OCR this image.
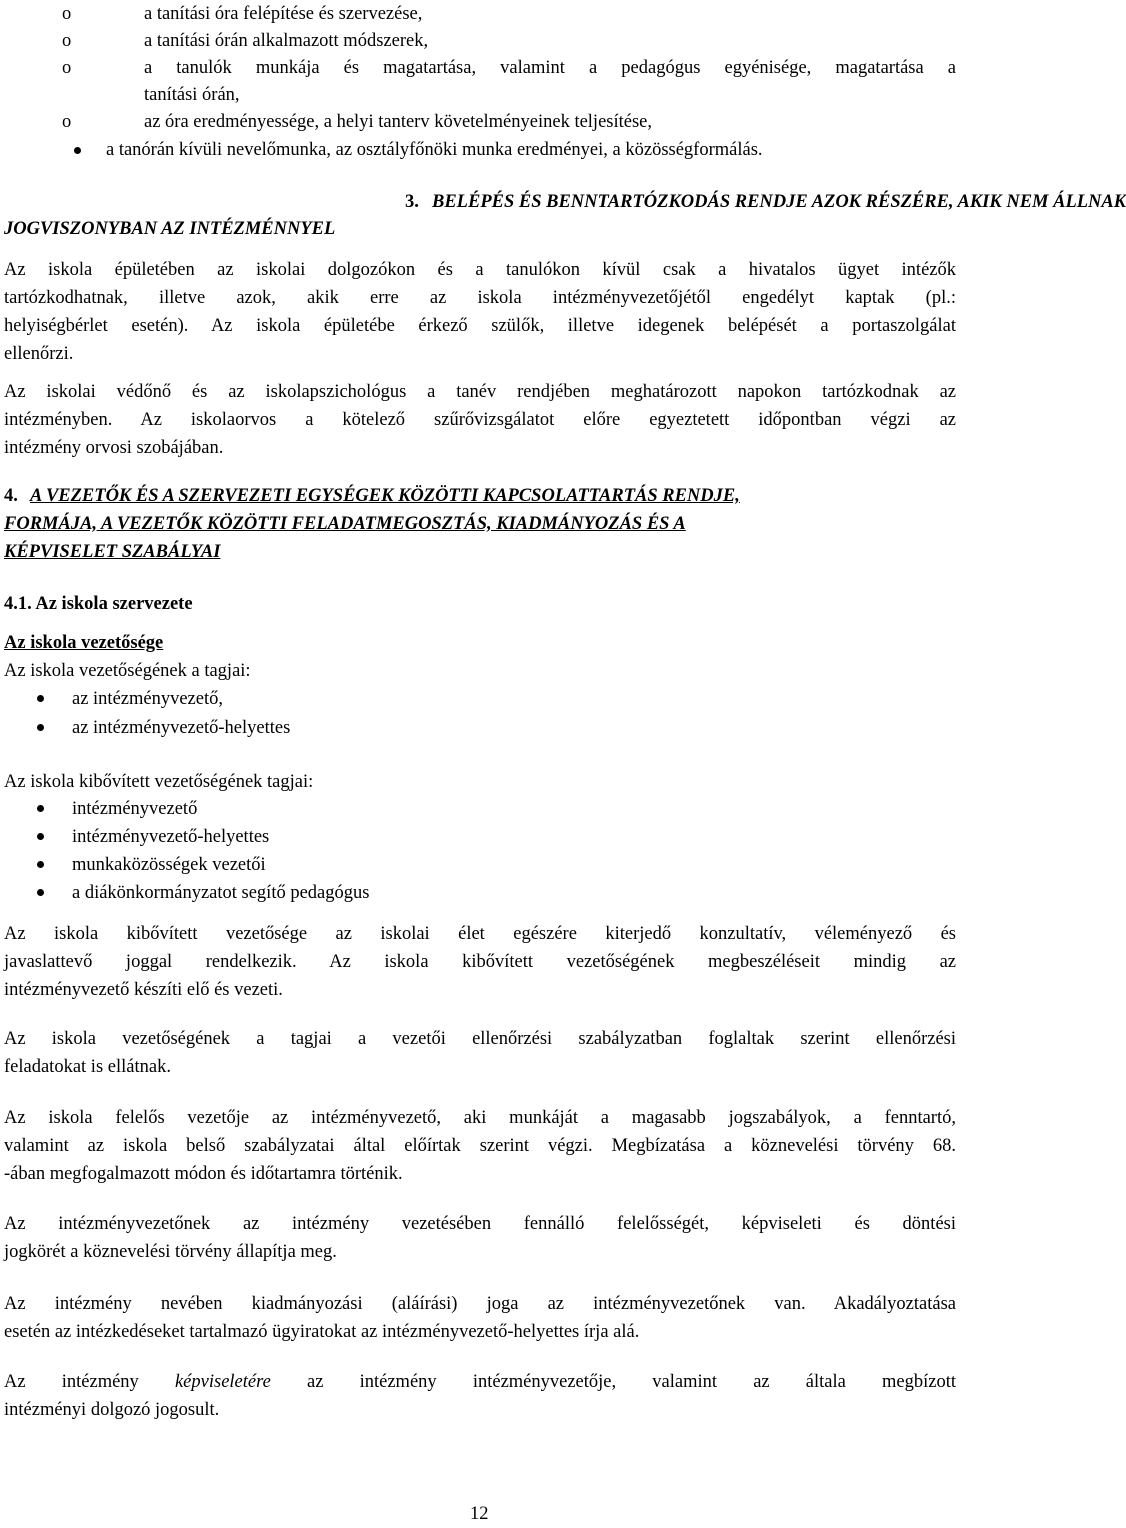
o	a tanítási óra felépítése és szervezése,
o	a tanítási órán alkalmazott módszerek,
o	a tanulók munkája és magatartása, valamint a pedagógus egyénisége, magatartása a
tanítási órán,
o	az óra eredményessége, a helyi tanterv követelményeinek teljesítése,
a tanórán kívüli nevelőmunka, az osztályfőnöki munka eredményei, a közösségformálás.
3. BELÉPÉS ÉS BENNTARTÓZKODÁS RENDJE AZOK RÉSZÉRE, AKIK NEM ÁLLNAK
JOGVISZONYBAN AZ INTÉZMÉNNYEL
Az iskola épületében az iskolai dolgozókon és a tanulókon kívül csak a hivatalos ügyet intézők
tartózkodhatnak, illetve azok, akik erre az iskola intézményvezetőjétől engedélyt kaptak (pl.:
helyiségbérlet esetén). Az iskola épületébe érkező szülők, illetve idegenek belépését a portaszolgálat
ellenőrzi.
Az iskolai védőnő és az iskolapszichológus a tanév rendjében meghatározott napokon tartózkodnak az
intézményben. Az iskolaorvos a kötelező szűrővizsgálatot előre egyeztetett időpontban végzi az
intézmény orvosi szobájában.
4. A VEZETŐK ÉS A SZERVEZETI EGYSÉGEK KÖZÖTTI KAPCSOLATTARTÁS RENDJE,
FORMÁJA, A VEZETŐK KÖZÖTTI FELADATMEGOSZTÁS, KIADMÁNYOZÁS ÉS A
KÉPVISELET SZABÁLYAI
4.1. Az iskola szervezete
Az iskola vezetősége
Az iskola vezetőségének a tagjai:
az intézményvezető,
az intézményvezető-helyettes
Az iskola kibővített vezetőségének tagjai:
intézményvezető
intézményvezető-helyettes
munkaközösségek vezetői
a diákönkormányzatot segítő pedagógus
Az iskola kibővített vezetősége az iskolai élet egészére kiterjedő konzultatív, véleményező és
javaslattevő joggal rendelkezik. Az iskola kibővített vezetőségének megbeszéléseit mindig az
intézményvezető készíti elő és vezeti.
Az iskola vezetőségének a tagjai a vezetői ellenőrzési szabályzatban foglaltak szerint ellenőrzési
feladatokat is ellátnak.
Az iskola felelős vezetője az intézményvezető, aki munkáját a magasabb jogszabályok, a fenntartó,
valamint az iskola belső szabályzatai által előírtak szerint végzi. Megbízatása a köznevelési törvény 68.
-ában megfogalmazott módon és időtartamra történik.
Az intézményvezetőnek az intézmény vezetésében fennálló felelősségét, képviseleti és döntési
jogkörét a köznevelési törvény állapítja meg.
Az intézmény nevében kiadmányozási (aláírási) joga az intézményvezetőnek van. Akadályoztatása
esetén az intézkedéseket tartalmazó ügyiratokat az intézményvezető-helyettes írja alá.
Az intézmény képviseletére az intézmény intézményvezetője, valamint az általa megbízott
intézményi dolgozó jogosult.
12
